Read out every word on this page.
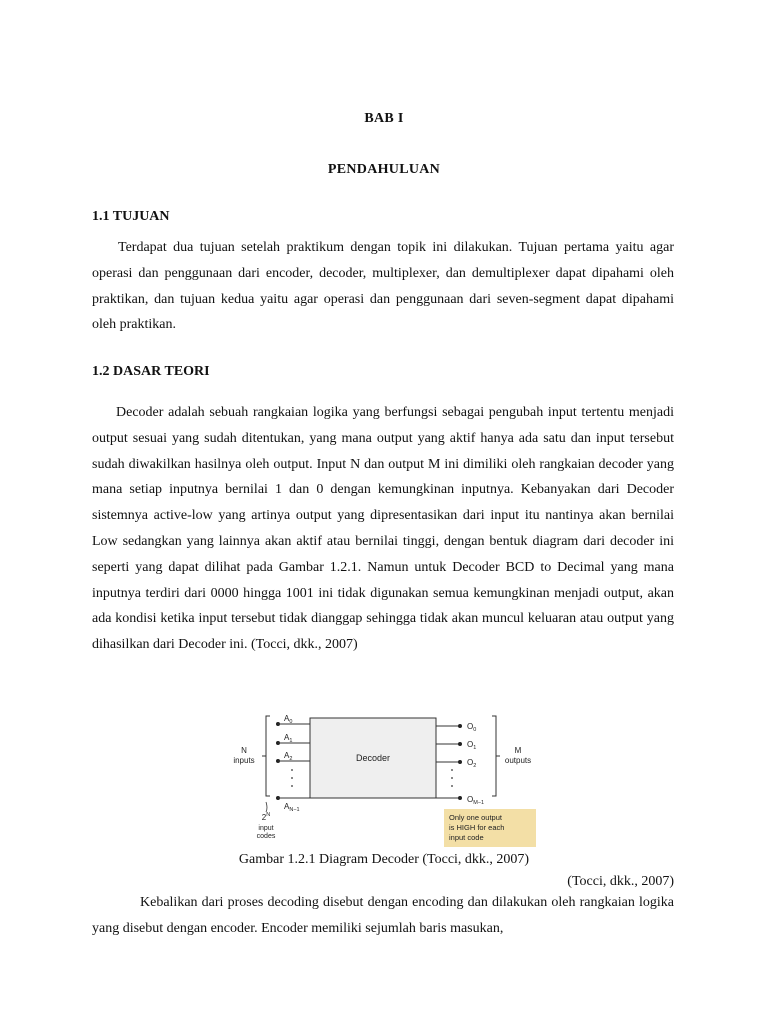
BAB I
PENDAHULUAN
1.1 TUJUAN

Terdapat dua tujuan setelah praktikum dengan topik ini dilakukan. Tujuan pertama yaitu agar operasi dan penggunaan dari encoder, decoder, multiplexer, dan demultiplexer dapat dipahami oleh praktikan, dan tujuan kedua yaitu agar operasi dan penggunaan dari seven-segment dapat dipahami oleh praktikan.

1.2 DASAR TEORI

Decoder adalah sebuah rangkaian logika yang berfungsi sebagai pengubah input tertentu menjadi output sesuai yang sudah ditentukan, yang mana output yang aktif hanya ada satu dan input tersebut sudah diwakilkan hasilnya oleh output. Input N dan output M ini dimiliki oleh rangkaian decoder yang mana setiap inputnya bernilai 1 dan 0 dengan kemungkinan inputnya. Kebanyakan dari Decoder sistemnya active-low yang artinya output yang dipresentasikan dari input itu nantinya akan bernilai Low sedangkan yang lainnya akan aktif atau bernilai tinggi, dengan bentuk diagram dari decoder ini seperti yang dapat dilihat pada Gambar 1.2.1. Namun untuk Decoder BCD to Decimal yang mana inputnya terdiri dari 0000 hingga 1001 ini tidak digunakan semua kemungkinan menjadi output, akan ada kondisi ketika input tersebut tidak dianggap sehingga tidak akan muncul keluaran atau output yang dihasilkan dari Decoder ini. (Tocci, dkk., 2007)

Decoder
$A_0$
$A_1$
$A_2$
$A_{N-1}$
N
inputs
$2^N$
input
codes
$O_0$
$O_1$
$O_2$
$O_{M-1}$
M
outputs
Only one output
is HIGH for each
input code
Gambar 1.2.1 Diagram Decoder (Tocci, dkk., 2007)
(Tocci, dkk., 2007)

Kebalikan dari proses decoding disebut dengan encoding dan dilakukan oleh rangkaian logika yang disebut dengan encoder. Encoder memiliki sejumlah baris masukan,
